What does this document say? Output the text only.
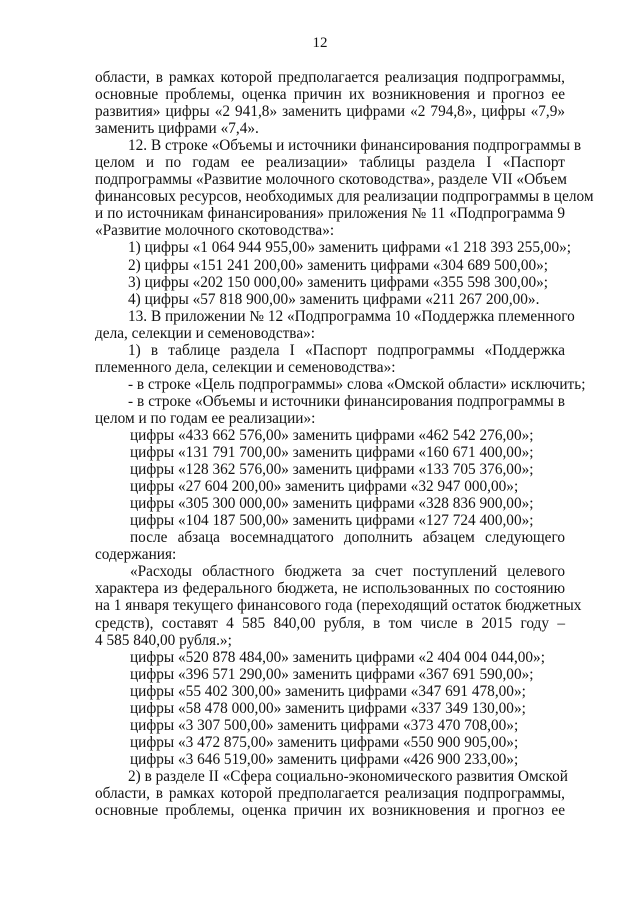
12
области, в рамках которой предполагается реализация подпрограммы,
основные проблемы, оценка причин их возникновения и прогноз ее
развития» цифры «2 941,8» заменить цифрами «2 794,8», цифры «7,9»
заменить цифрами «7,4».
12. В строке «Объемы и источники финансирования подпрограммы в
целом и по годам ее реализации» таблицы раздела I «Паспорт
подпрограммы «Развитие молочного скотоводства», разделе VII «Объем
финансовых ресурсов, необходимых для реализации подпрограммы в целом
и по источникам финансирования» приложения № 11 «Подпрограмма 9
«Развитие молочного скотоводства»:
1) цифры «1 064 944 955,00» заменить цифрами «1 218 393 255,00»;
2) цифры «151 241 200,00» заменить цифрами «304 689 500,00»;
3) цифры «202 150 000,00» заменить цифрами «355 598 300,00»;
4) цифры «57 818 900,00» заменить цифрами «211 267 200,00».
13. В приложении № 12 «Подпрограмма 10 «Поддержка племенного
дела, селекции и семеноводства»:
1) в таблице раздела I «Паспорт подпрограммы «Поддержка
племенного дела, селекции и семеноводства»:
- в строке «Цель подпрограммы» слова «Омской области» исключить;
- в строке «Объемы и источники финансирования подпрограммы в
целом и по годам ее реализации»:
цифры «433 662 576,00» заменить цифрами «462 542 276,00»;
цифры «131 791 700,00» заменить цифрами «160 671 400,00»;
цифры «128 362 576,00» заменить цифрами «133 705 376,00»;
цифры «27 604 200,00» заменить цифрами «32 947 000,00»;
цифры «305 300 000,00» заменить цифрами «328 836 900,00»;
цифры «104 187 500,00» заменить цифрами «127 724 400,00»;
после абзаца восемнадцатого дополнить абзацем следующего
содержания:
«Расходы областного бюджета за счет поступлений целевого
характера из федерального бюджета, не использованных по состоянию
на 1 января текущего финансового года (переходящий остаток бюджетных
средств), составят 4 585 840,00 рубля, в том числе в 2015 году –
4 585 840,00 рубля.»;
цифры «520 878 484,00» заменить цифрами «2 404 004 044,00»;
цифры «396 571 290,00» заменить цифрами «367 691 590,00»;
цифры «55 402 300,00» заменить цифрами «347 691 478,00»;
цифры «58 478 000,00» заменить цифрами «337 349 130,00»;
цифры «3 307 500,00» заменить цифрами «373 470 708,00»;
цифры «3 472 875,00» заменить цифрами «550 900 905,00»;
цифры «3 646 519,00» заменить цифрами «426 900 233,00»;
2) в разделе II «Сфера социально-экономического развития Омской
области, в рамках которой предполагается реализация подпрограммы,
основные проблемы, оценка причин их возникновения и прогноз ее
